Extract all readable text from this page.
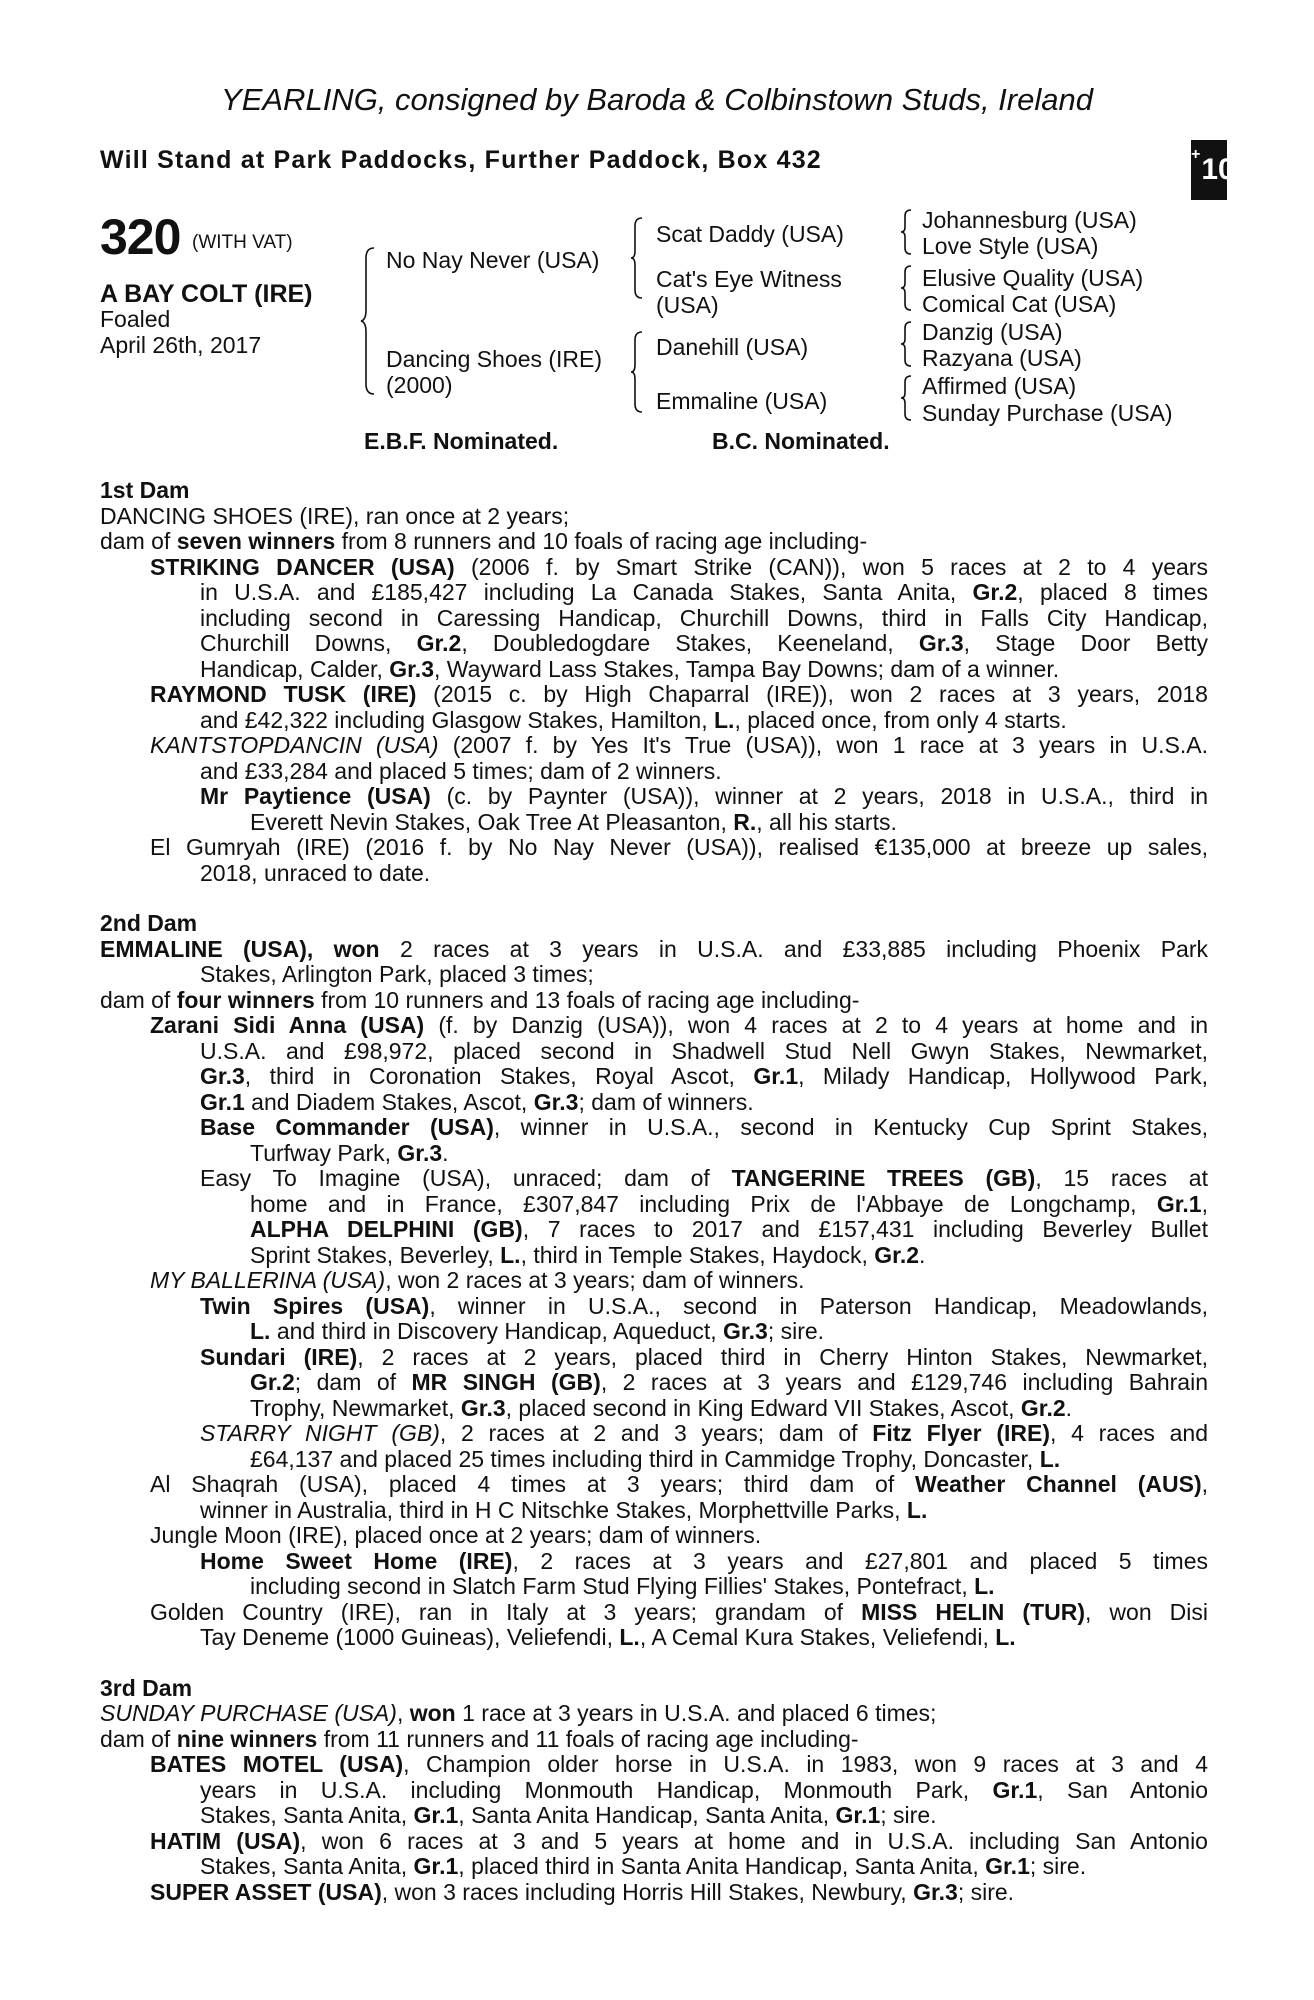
YEARLING, consigned by Baroda & Colbinstown Studs, Ireland
Will Stand at Park Paddocks, Further Paddock, Box 432	+10
320 (WITH VAT)
A BAY COLT (IRE)
Foaled
April 26th, 2017
No Nay Never (USA)
Dancing Shoes (IRE)
(2000)
Scat Daddy (USA)
Cat's Eye Witness
(USA)
Danehill (USA)
Emmaline (USA)
Johannesburg (USA)
Love Style (USA)
Elusive Quality (USA)
Comical Cat (USA)
Danzig (USA)
Razyana (USA)
Affirmed (USA)
Sunday Purchase (USA)
E.B.F. Nominated.	B.C. Nominated.
1st Dam
DANCING SHOES (IRE), ran once at 2 years;
dam of seven winners from 8 runners and 10 foals of racing age including-
STRIKING DANCER (USA) (2006 f. by Smart Strike (CAN)), won 5 races at 2 to 4 years
in U.S.A. and £185,427 including La Canada Stakes, Santa Anita, Gr.2, placed 8 times
including second in Caressing Handicap, Churchill Downs, third in Falls City Handicap,
Churchill Downs, Gr.2, Doubledogdare Stakes, Keeneland, Gr.3, Stage Door Betty
Handicap, Calder, Gr.3, Wayward Lass Stakes, Tampa Bay Downs; dam of a winner.
RAYMOND TUSK (IRE) (2015 c. by High Chaparral (IRE)), won 2 races at 3 years, 2018
and £42,322 including Glasgow Stakes, Hamilton, L., placed once, from only 4 starts.
KANTSTOPDANCIN (USA) (2007 f. by Yes It's True (USA)), won 1 race at 3 years in U.S.A.
and £33,284 and placed 5 times; dam of 2 winners.
Mr Paytience (USA) (c. by Paynter (USA)), winner at 2 years, 2018 in U.S.A., third in
Everett Nevin Stakes, Oak Tree At Pleasanton, R., all his starts.
El Gumryah (IRE) (2016 f. by No Nay Never (USA)), realised €135,000 at breeze up sales,
2018, unraced to date.
2nd Dam
EMMALINE (USA), won 2 races at 3 years in U.S.A. and £33,885 including Phoenix Park
Stakes, Arlington Park, placed 3 times;
dam of four winners from 10 runners and 13 foals of racing age including-
Zarani Sidi Anna (USA) (f. by Danzig (USA)), won 4 races at 2 to 4 years at home and in
U.S.A. and £98,972, placed second in Shadwell Stud Nell Gwyn Stakes, Newmarket,
Gr.3, third in Coronation Stakes, Royal Ascot, Gr.1, Milady Handicap, Hollywood Park,
Gr.1 and Diadem Stakes, Ascot, Gr.3; dam of winners.
Base Commander (USA), winner in U.S.A., second in Kentucky Cup Sprint Stakes,
Turfway Park, Gr.3.
Easy To Imagine (USA), unraced; dam of TANGERINE TREES (GB), 15 races at
home and in France, £307,847 including Prix de l'Abbaye de Longchamp, Gr.1,
ALPHA DELPHINI (GB), 7 races to 2017 and £157,431 including Beverley Bullet
Sprint Stakes, Beverley, L., third in Temple Stakes, Haydock, Gr.2.
MY BALLERINA (USA), won 2 races at 3 years; dam of winners.
Twin Spires (USA), winner in U.S.A., second in Paterson Handicap, Meadowlands,
L. and third in Discovery Handicap, Aqueduct, Gr.3; sire.
Sundari (IRE), 2 races at 2 years, placed third in Cherry Hinton Stakes, Newmarket,
Gr.2; dam of MR SINGH (GB), 2 races at 3 years and £129,746 including Bahrain
Trophy, Newmarket, Gr.3, placed second in King Edward VII Stakes, Ascot, Gr.2.
STARRY NIGHT (GB), 2 races at 2 and 3 years; dam of Fitz Flyer (IRE), 4 races and
£64,137 and placed 25 times including third in Cammidge Trophy, Doncaster, L.
Al Shaqrah (USA), placed 4 times at 3 years; third dam of Weather Channel (AUS),
winner in Australia, third in H C Nitschke Stakes, Morphettville Parks, L.
Jungle Moon (IRE), placed once at 2 years; dam of winners.
Home Sweet Home (IRE), 2 races at 3 years and £27,801 and placed 5 times
including second in Slatch Farm Stud Flying Fillies' Stakes, Pontefract, L.
Golden Country (IRE), ran in Italy at 3 years; grandam of MISS HELIN (TUR), won Disi
Tay Deneme (1000 Guineas), Veliefendi, L., A Cemal Kura Stakes, Veliefendi, L.
3rd Dam
SUNDAY PURCHASE (USA), won 1 race at 3 years in U.S.A. and placed 6 times;
dam of nine winners from 11 runners and 11 foals of racing age including-
BATES MOTEL (USA), Champion older horse in U.S.A. in 1983, won 9 races at 3 and 4
years in U.S.A. including Monmouth Handicap, Monmouth Park, Gr.1, San Antonio
Stakes, Santa Anita, Gr.1, Santa Anita Handicap, Santa Anita, Gr.1; sire.
HATIM (USA), won 6 races at 3 and 5 years at home and in U.S.A. including San Antonio
Stakes, Santa Anita, Gr.1, placed third in Santa Anita Handicap, Santa Anita, Gr.1; sire.
SUPER ASSET (USA), won 3 races including Horris Hill Stakes, Newbury, Gr.3; sire.
